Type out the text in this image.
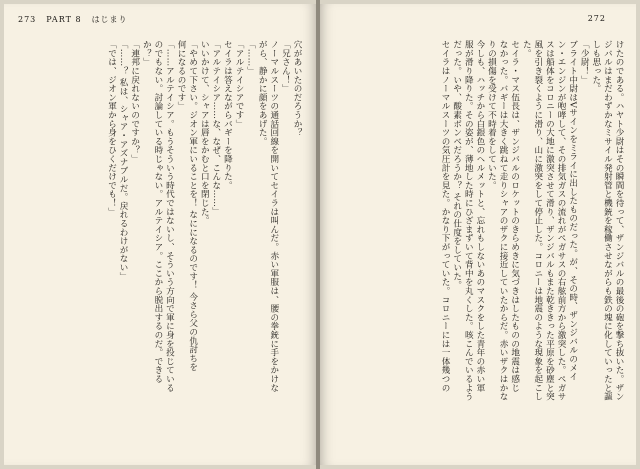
273 PART 8 はじまり

穴があいたのだろうか？

「兄さん！」

ノーマルスーツの通話回線を開いてセイラは叫んだ。赤い軍服は、腰の拳銃に手をかけな

がら、静かに顔をあげた。

「……」

「アルテイシアです」

セイラは答えながらバギーを降りた。

「アルテイシア……な、なぜ、こんな……」

いいかけて、シャアは唇をかむと口を閉じた。

「やめて下さい。ジオン軍にいることを！ なにになるのです！ 今さら父の仇討ちを

何になるのです」

「……アルテイシア。もうそういう時代ではないし、そういう方向で軍に身を投じている

のでもない。討論している時じゃない。アルテイシア。ここから脱出するのだ。できる

か？」

「連邦に戻れないのですか？」

「……？ 私は、シャア・アズナブルだ。戻れるわけがない」

「では、ジオン軍から身をひくだけでも！」

272

けたのである。ハヤト少尉はその瞬間を待って、ザンジバルの最後の砲を撃ち抜いた。ザン

ジバルはまだわずかなミサイル発射管と機銃を稼働させながらも鉄の塊に化していったと謳

しも思った。

「少尉！」

ブライト中尉はVサインをミライに出したものだった。が、その時、ザンジバルのメイ

ン・エンジンが咆哮して、その排気ガスの流れがペガサスの右舷前方から激突した。ペガサ

スは船体をコロニーの大地に激突させて滑り、ザンジバルもまた乾ききった平原を砂塵と突

風を引き裂くように滑り、山に激突をして停止した。コロニーは地震のような現象を起こし

た。

セイラ・マス伍長は、ザンジバルのロケットのきらめきに気づきはしたものの地震は感じ

なかった。バギーは大きく跳ねて走りシャアのザクに接近していたからだ。赤いザクはかな

りの損傷を受けて不時着をしていた。

今しも、ハッチから白銀色のヘルメットと、忘れもしないあのマスクをした青年の赤い軍

服が滑り降りた。その姿が、薄地した時にひざまずいて背中を丸くした。咳こんでいるよう

だった。いや、酸素ボンベだろうか？ それの仕度をしていた。

セイラはノーマルスーツの気圧計を見た。かなり下がっていた。コロニーには一体幾つの
